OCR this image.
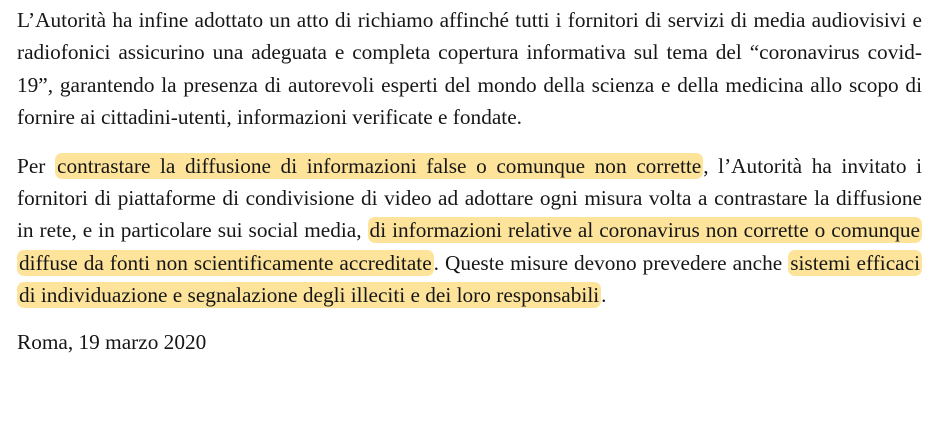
L’Autorità ha infine adottato un atto di richiamo affinché tutti i fornitori di servizi di media audiovisivi e radiofonici assicurino una adeguata e completa copertura informativa sul tema del “coronavirus covid-19”, garantendo la presenza di autorevoli esperti del mondo della scienza e della medicina allo scopo di fornire ai cittadini-utenti, informazioni verificate e fondate.

Per contrastare la diffusione di informazioni false o comunque non corrette, l’Autorità ha invitato i fornitori di piattaforme di condivisione di video ad adottare ogni misura volta a contrastare la diffusione in rete, e in particolare sui social media, di informazioni relative al coronavirus non corrette o comunque diffuse da fonti non scientificamente accreditate. Queste misure devono prevedere anche sistemi efficaci di individuazione e segnalazione degli illeciti e dei loro responsabili.

Roma, 19 marzo 2020
